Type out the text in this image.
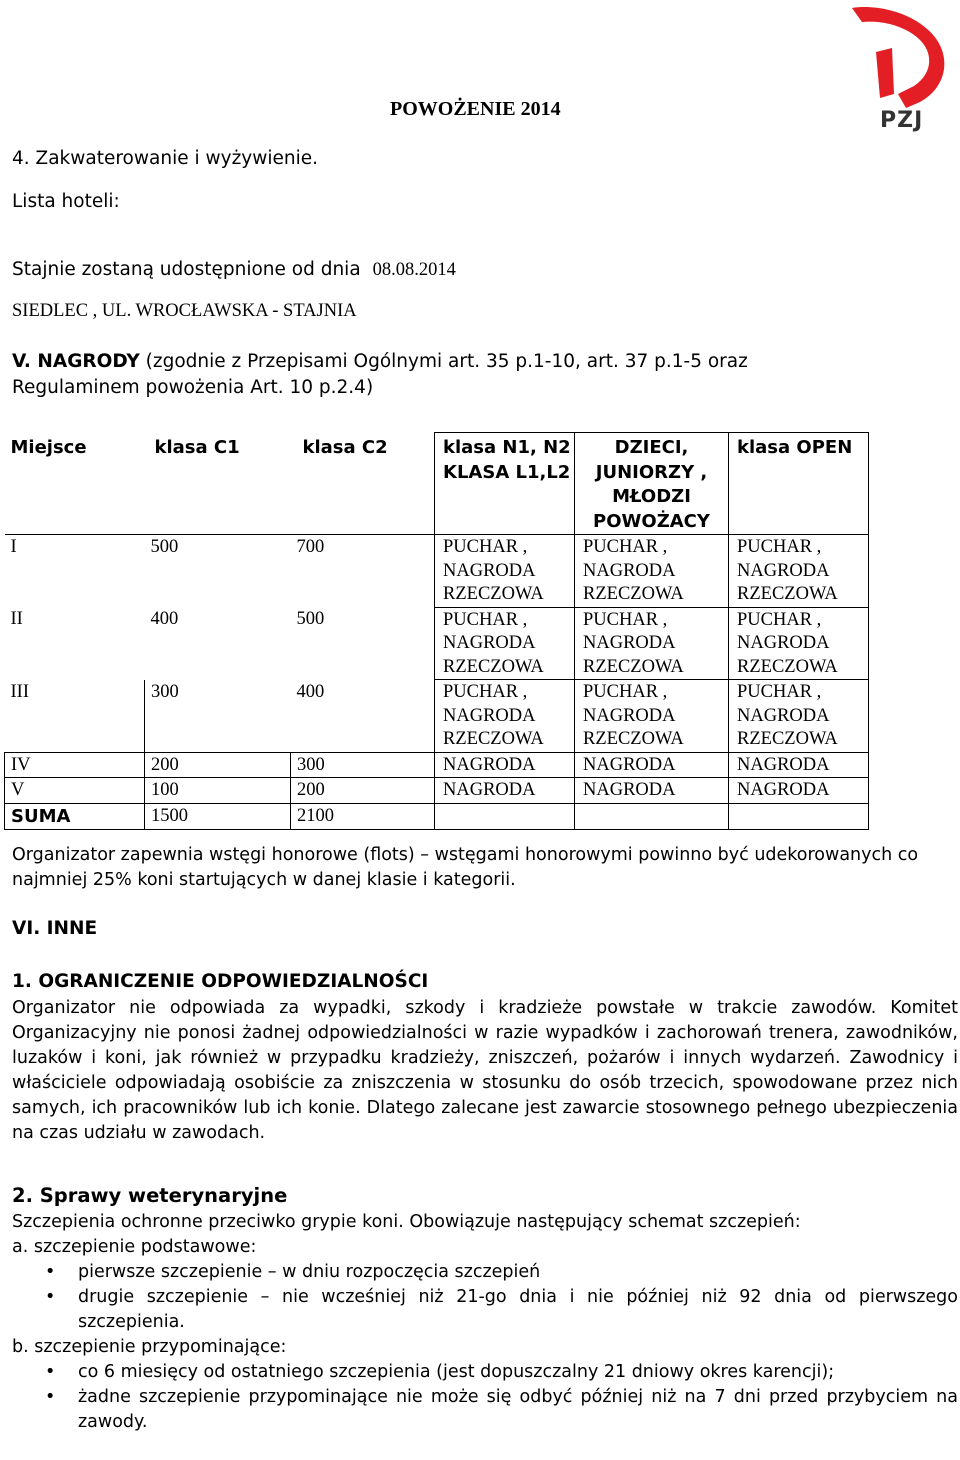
POWOŻENIE 2014	PZJ
4. Zakwaterowanie i wyżywienie.
Lista hoteli:
Stajnie zostaną udostępnione od dnia 08.08.2014
SIEDLEC , UL. WROCŁAWSKA - STAJNIA
V. NAGRODY (zgodnie z Przepisami Ogólnymi art. 35 p.1-10, art. 37 p.1-5 oraz
Regulaminem powożenia Art. 10 p.2.4)
Miejsce	klasa C1	klasa C2	klasa N1, N2 KLASA L1,L2	DZIECI, JUNIORZY , MŁODZI POWOŻACY	klasa OPEN
I	500	700	PUCHAR , NAGRODA RZECZOWA	PUCHAR , NAGRODA RZECZOWA	PUCHAR , NAGRODA RZECZOWA
II	400	500	PUCHAR , NAGRODA RZECZOWA	PUCHAR , NAGRODA RZECZOWA	PUCHAR , NAGRODA RZECZOWA
III	300	400	PUCHAR , NAGRODA RZECZOWA	PUCHAR , NAGRODA RZECZOWA	PUCHAR , NAGRODA RZECZOWA
IV	200	300	NAGRODA	NAGRODA	NAGRODA
V	100	200	NAGRODA	NAGRODA	NAGRODA
SUMA	1500	2100			

Organizator zapewnia wstęgi honorowe (flots) – wstęgami honorowymi powinno być udekorowanych co najmniej 25% koni startujących w danej klasie i kategorii.

VI. INNE
1. OGRANICZENIE ODPOWIEDZIALNOŚCI

Organizator nie odpowiada za wypadki, szkody i kradzieże powstałe w trakcie zawodów. Komitet Organizacyjny nie ponosi żadnej odpowiedzialności w razie wypadków i zachorowań trenera, zawodników, luzaków i koni, jak również w przypadku kradzieży, zniszczeń, pożarów i innych wydarzeń. Zawodnicy i właściciele odpowiadają osobiście za zniszczenia w stosunku do osób trzecich, spowodowane przez nich samych, ich pracowników lub ich konie. Dlatego zalecane jest zawarcie stosownego pełnego ubezpieczenia na czas udziału w zawodach.

2. Sprawy weterynaryjne

Szczepienia ochronne przeciwko grypie koni. Obowiązuje następujący schemat szczepień:

a. szczepienie podstawowe:

• pierwsze szczepienie – w dniu rozpoczęcia szczepień
• drugie szczepienie – nie wcześniej niż 21-go dnia i nie później niż 92 dnia od pierwszego szczepienia.

b. szczepienie przypominające:

• co 6 miesięcy od ostatniego szczepienia (jest dopuszczalny 21 dniowy okres karencji);
• żadne szczepienie przypominające nie może się odbyć później niż na 7 dni przed przybyciem na zawody.
